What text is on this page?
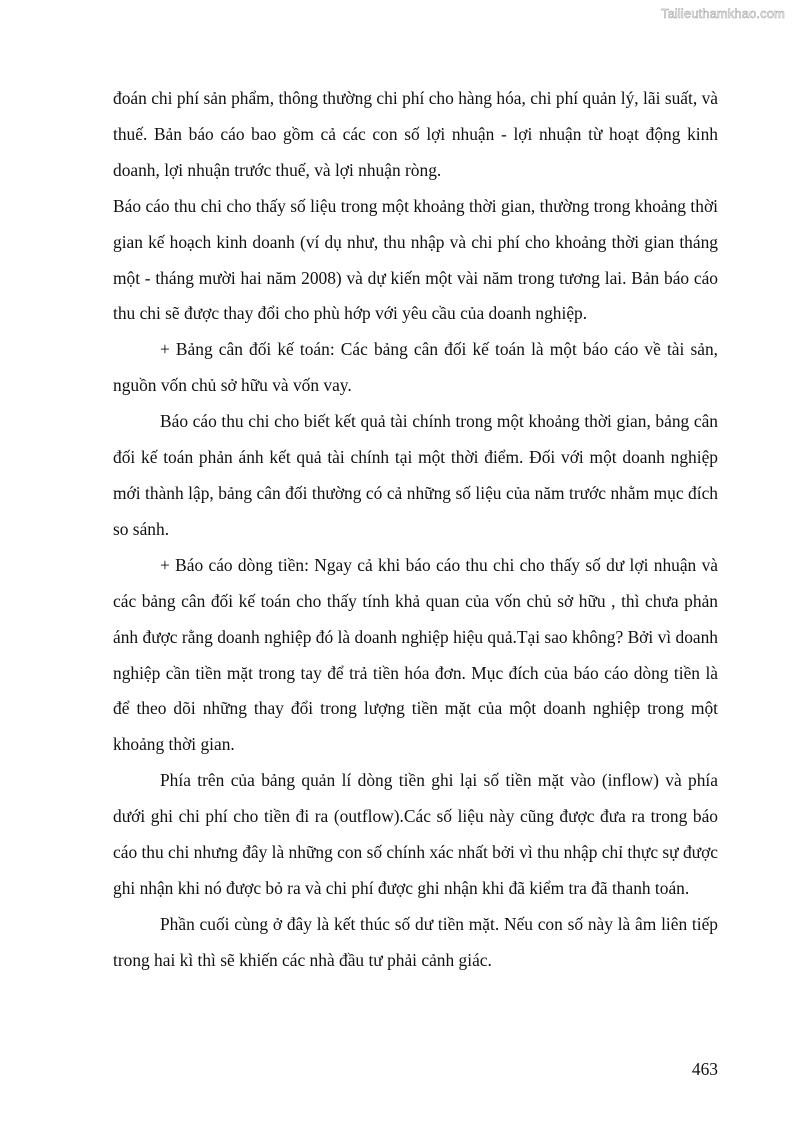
Tailieuthamkhao.com

đoán chi phí sản phẩm, thông thường chi phí cho hàng hóa, chi phí quản lý, lãi suất, và thuế. Bản báo cáo bao gồm cả các con số lợi nhuận - lợi nhuận từ hoạt động kinh doanh, lợi nhuận trước thuế, và lợi nhuận ròng.

Báo cáo thu chi cho thấy số liệu trong một khoảng thời gian, thường trong khoảng thời gian kế hoạch kinh doanh (ví dụ như, thu nhập và chi phí cho khoảng thời gian tháng một - tháng mười hai năm 2008) và dự kiến một vài năm trong tương lai. Bản báo cáo thu chi sẽ được thay đổi cho phù hớp với yêu cầu của doanh nghiệp.

+ Bảng cân đối kế toán: Các bảng cân đối kế toán là một báo cáo về tài sản, nguồn vốn chủ sở hữu và vốn vay.

Báo cáo thu chi cho biết kết quả tài chính trong một khoảng thời gian, bảng cân đối kế toán phản ánh kết quả tài chính tại một thời điểm. Đối với một doanh nghiệp mới thành lập, bảng cân đối thường có cả những số liệu của năm trước nhằm mục đích so sánh.

+ Báo cáo dòng tiền: Ngay cả khi báo cáo thu chi cho thấy số dư lợi nhuận và các bảng cân đối kế toán cho thấy tính khả quan của vốn chủ sở hữu , thì chưa phản ánh được rằng doanh nghiệp đó là doanh nghiệp hiệu quả.Tại sao không? Bởi vì doanh nghiệp cần tiền mặt trong tay để trả tiền hóa đơn. Mục đích của báo cáo dòng tiền là để theo dõi những thay đổi trong lượng tiền mặt của một doanh nghiệp trong một khoảng thời gian.

Phía trên của bảng quản lí dòng tiền ghi lại số tiền mặt vào (inflow) và phía dưới ghi chi phí cho tiền đi ra (outflow).Các số liệu này cũng được đưa ra trong báo cáo thu chi nhưng đây là những con số chính xác nhất bởi vì thu nhập chỉ thực sự được ghi nhận khi nó được bỏ ra và chi phí được ghi nhận khi đã kiểm tra đã thanh toán.

Phần cuối cùng ở đây là kết thúc số dư tiền mặt. Nếu con số này là âm liên tiếp trong hai kì thì sẽ khiến các nhà đầu tư phải cảnh giác.

463
